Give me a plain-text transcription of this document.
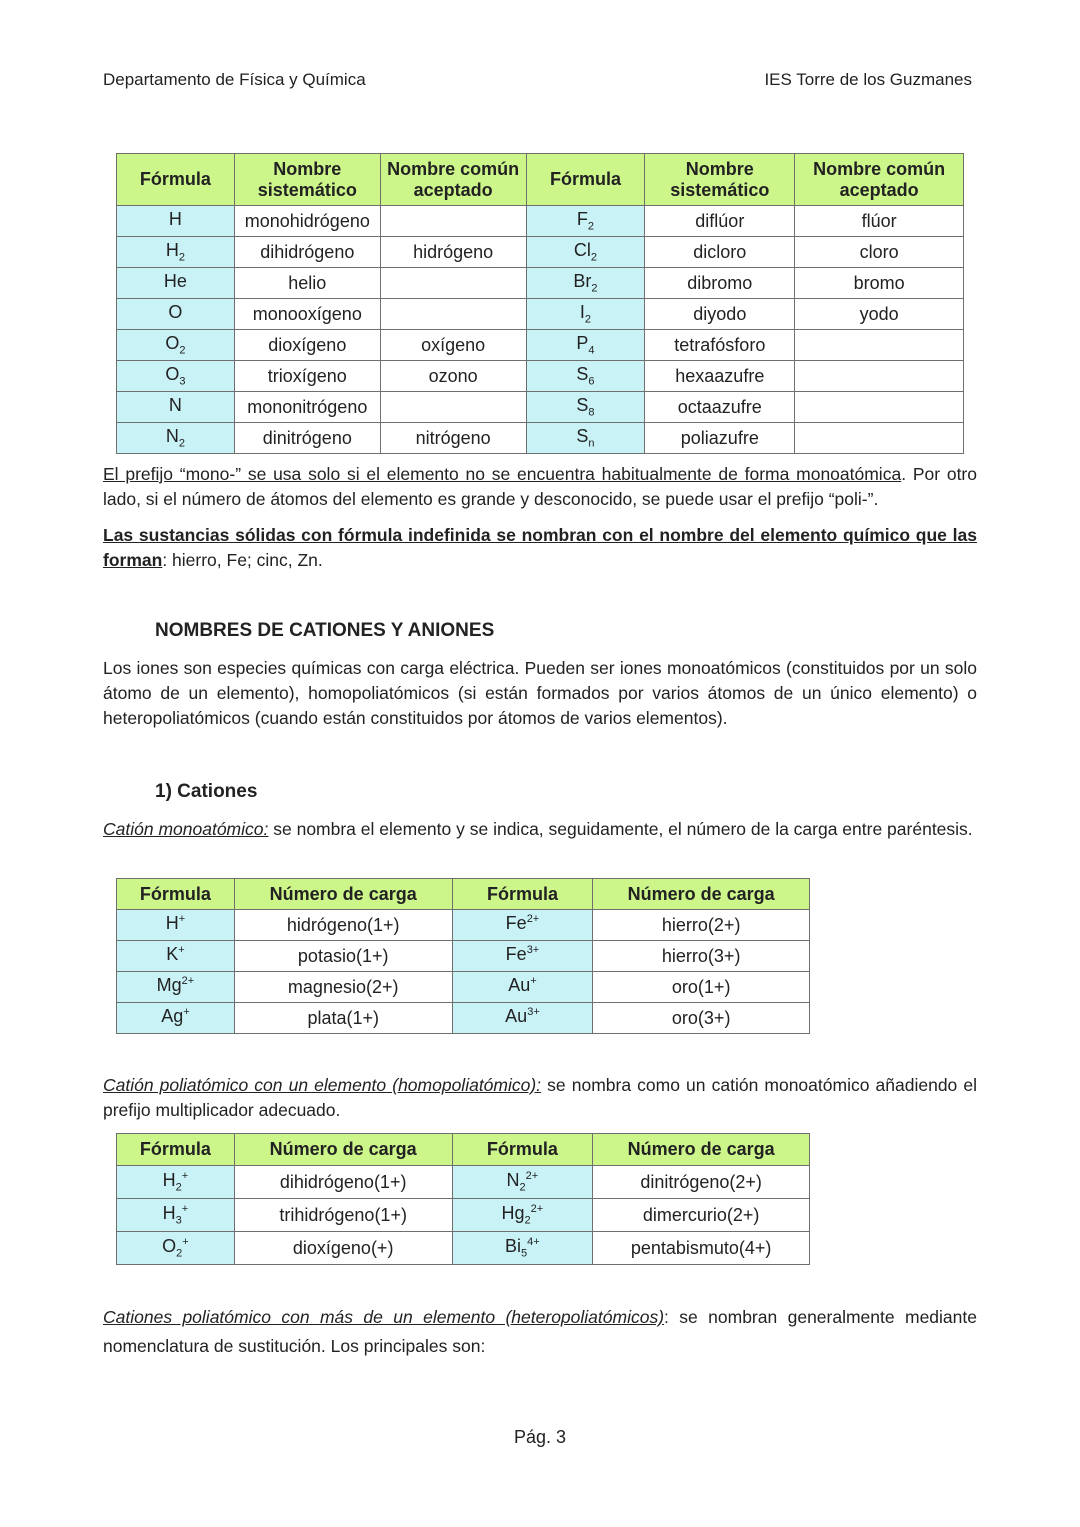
Departamento de Física y Química	IES Torre de los Guzmanes
Fórmula	Nombre sistemático	Nombre común aceptado	Fórmula	Nombre sistemático	Nombre común aceptado
H	monohidrógeno		$F_2$	diflúor	flúor
$H_2$	dihidrógeno	hidrógeno	$Cl_2$	dicloro	cloro
He	helio		$Br_2$	dibromo	bromo
O	monooxígeno		$I_2$	diyodo	yodo
$O_2$	dioxígeno	oxígeno	$P_4$	tetrafósforo	
$O_3$	trioxígeno	ozono	$S_6$	hexaazufre	
N	mononitrógeno		$S_8$	octaazufre	
$N_2$	dinitrógeno	nitrógeno	$S_n$	poliazufre	
El prefijo “mono-” se usa solo si el elemento no se encuentra habitualmente de forma monoatómica. Por otro lado, si el número de átomos del elemento es grande y desconocido, se puede usar el prefijo “poli-”.
Las sustancias sólidas con fórmula indefinida se nombran con el nombre del elemento químico que las forman: hierro, Fe; cinc, Zn.
NOMBRES DE CATIONES Y ANIONES
Los iones son especies químicas con carga eléctrica. Pueden ser iones monoatómicos (constituidos por un solo átomo de un elemento), homopoliatómicos (si están formados por varios átomos de un único elemento) o heteropoliatómicos (cuando están constituidos por átomos de varios elementos).
1) Cationes
Catión monoatómico: se nombra el elemento y se indica, seguidamente, el número de la carga entre paréntesis.
Fórmula	Número de carga	Fórmula	Número de carga
H+	hidrógeno(1+)	$Fe^{2+}$	hierro(2+)
K+	potasio(1+)	$Fe^{3+}$	hierro(3+)
$Mg^{2+}$	magnesio(2+)	Au+	oro(1+)
Ag+	plata(1+)	$Au^{3+}$	oro(3+)
Catión poliatómico con un elemento (homopoliatómico): se nombra como un catión monoatómico añadiendo el prefijo multiplicador adecuado.
Fórmula	Número de carga	Fórmula	Número de carga
$H_2^+$	dihidrógeno(1+)	$N_2^{2+}$	dinitrógeno(2+)
$H_3^+$	trihidrógeno(1+)	$Hg_2^{2+}$	dimercurio(2+)
$O_2^+$	dioxígeno(+)	$Bi_5^{4+}$	pentabismuto(4+)
Cationes poliatómico con más de un elemento (heteropoliatómicos): se nombran generalmente mediante nomenclatura de sustitución. Los principales son:
Pág. 3
